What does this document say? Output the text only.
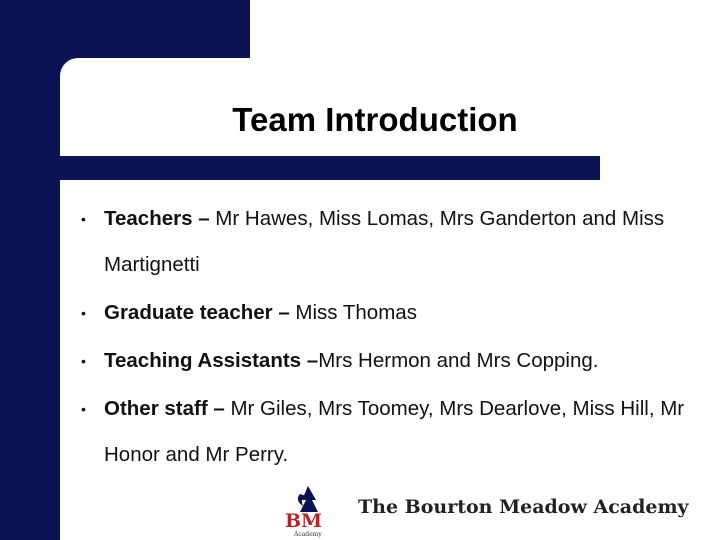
Team Introduction
• Teachers – Mr Hawes, Miss Lomas, Mrs Ganderton and Miss Martignetti
• Graduate teacher – Miss Thomas
• Teaching Assistants –Mrs Hermon and Mrs Copping.
• Other staff – Mr Giles, Mrs Toomey, Mrs Dearlove, Miss Hill, Mr Honor and Mr Perry.
BM
Academy
The Bourton Meadow Academy
